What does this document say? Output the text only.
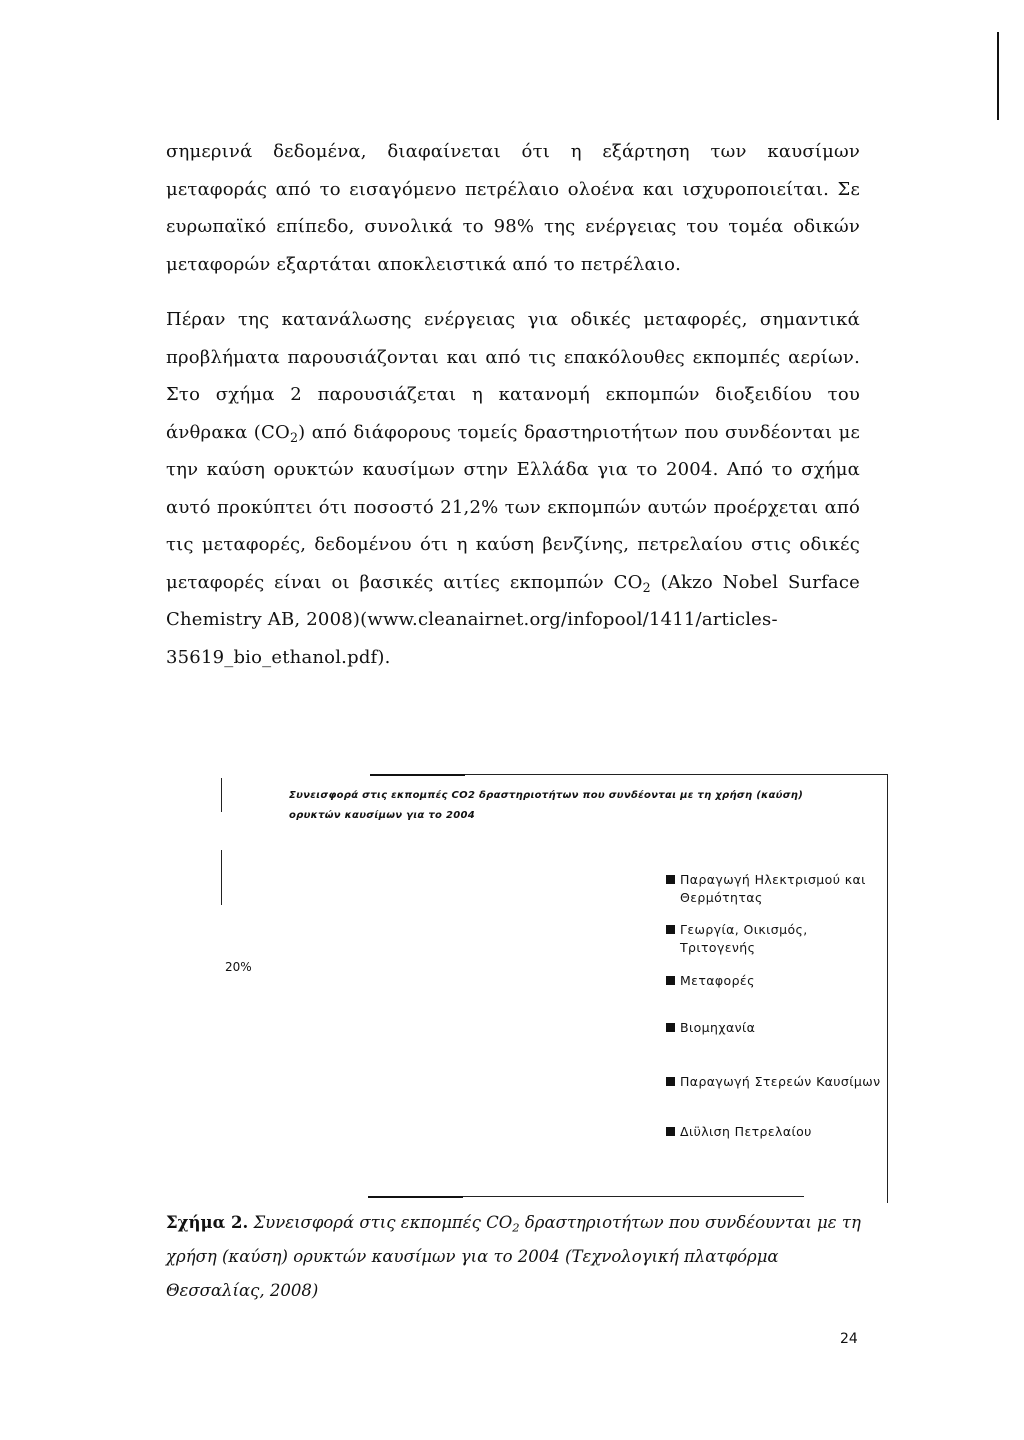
σημερινά δεδομένα, διαφαίνεται ότι η εξάρτηση των καυσίμων μεταφοράς από το εισαγόμενο πετρέλαιο ολοένα και ισχυροποιείται. Σε ευρωπαϊκό επίπεδο, συνολικά το 98% της ενέργειας του τομέα οδικών μεταφορών εξαρτάται αποκλειστικά από το πετρέλαιο.

Πέραν της κατανάλωσης ενέργειας για οδικές μεταφορές, σημαντικά προβλήματα παρουσιάζονται και από τις επακόλουθες εκπομπές αερίων. Στο σχήμα 2 παρουσιάζεται η κατανομή εκπομπών διοξειδίου του άνθρακα $(CO_2)$ από διάφορους τομείς δραστηριοτήτων που συνδέονται με την καύση ορυκτών καυσίμων στην Ελλάδα για το 2004. Από το σχήμα αυτό προκύπτει ότι ποσοστό 21,2% των εκπομπών αυτών προέρχεται από τις μεταφορές, δεδομένου ότι η καύση βενζίνης, πετρελαίου στις οδικές μεταφορές είναι οι βασικές αιτίες εκπομπών $CO_2$ (Akzo Nobel Surface Chemistry AB, 2008)(www.cleanairnet.org/infopool/1411/articles-
35619_bio_ethanol.pdf).

Συνεισφορά στις εκπομπές CO2 δραστηριοτήτων που συνδέονται με τη χρήση (καύση) ορυκτών καυσίμων για το 2004

20%
Παραγωγή Ηλεκτρισμού και Θερμότητας
Γεωργία, Οικισμός, Τριτογενής
Μεταφορές
Βιομηχανία
Παραγωγή Στερεών Καυσίμων
Διϋλιση Πετρελαίου

Σχήμα 2. Συνεισφορά στις εκπομπές $CO_2$ δραστηριοτήτων που συνδέουνται με τη χρήση (καύση) ορυκτών καυσίμων για το 2004 (Τεχνολογική πλατφόρμα Θεσσαλίας, 2008)

24
